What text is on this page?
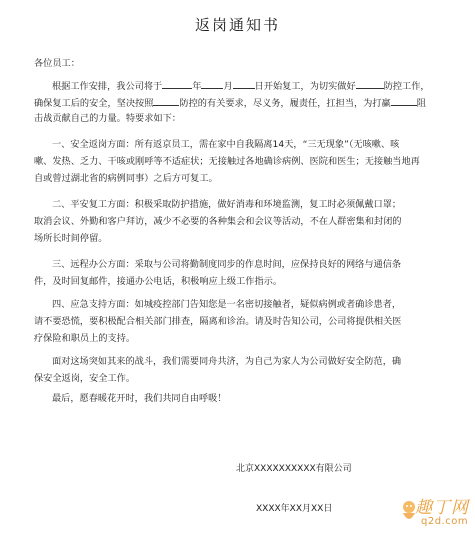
返岗通知书
各位员工：
根据工作安排，我公司将于	年 月 日开始复工，为切实做好	防控工作，
确保复工后的安全，坚决按照	防控的有关要求，尽义务，履责任，扛担当，为打赢	阻
击战贡献自己的力量。特要求如下：
一、安全返岗方面：所有返京员工，需在家中自我隔离14天，“三无现象”（无咳嗽、咳
嗽、发热、乏力、干咳或刚呼等不适症状；无接触过各地确诊病例、医院和医生；无接触当地再
自或曾过湖北省的病例同事）之后方可复工。
二、平安复工方面：积极采取防护措施，做好消毒和环境监测，复工时必须佩戴口罩；
取消会议、外勤和客户拜访，减少不必要的各种集会和会议等活动，不在人群密集和封闭的
场所长时间停留。
三、远程办公方面：采取与公司将勤制度同步的作息时间，应保持良好的网络与通信条
件，及时回复邮件，接通办公电话，积极响应上级工作指示。
四、应急支持方面：如城疫控部门告知您是一名密切接触者，疑似病例或者确诊患者，
请不要恐慌，要积极配合相关部门排查，隔离和诊治。请及时告知公司，公司将提供相关医
疗保险和职员上的支持。
面对这场突如其来的战斗，我们需要同舟共济，为自己为家人为公司做好安全防范，确
保安全返岗，安全工作。
最后，愿春暖花开时，我们共同自由呼吸！
北京XXXXXXXXXX有限公司
XXXX年XX月XX日	趣丁网
q2d.com
